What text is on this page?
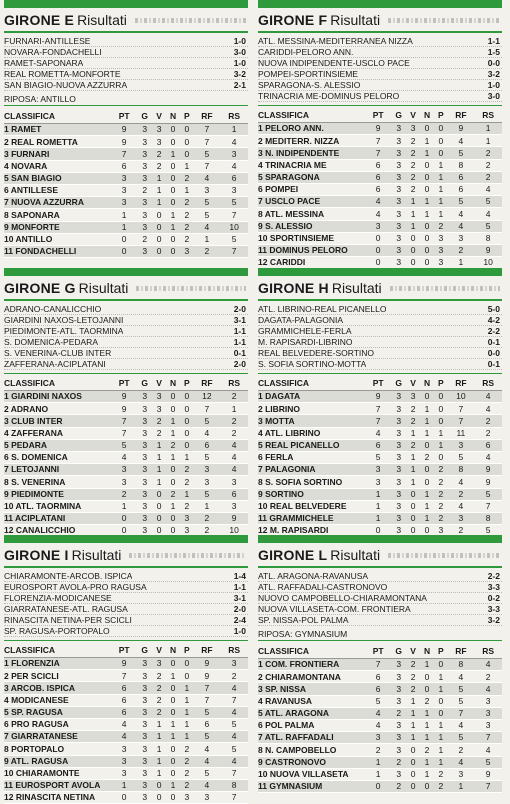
GIRONE E Risultati
FURNARI-ANTILLESE	1-0
NOVARA-FONDACHELLI	3-0
RAMET-SAPONARA	1-0
REAL ROMETTA-MONFORTE	3-2
SAN BIAGIO-NUOVA AZZURRA	2-1
RIPOSA: ANTILLO
CLASSIFICA	PT	G	V	N	P	RF	RS
1 RAMET	9	3	3	0	0	7	1
2 REAL ROMETTA	9	3	3	0	0	7	4
3 FURNARI	7	3	2	1	0	5	3
4 NOVARA	6	3	2	0	1	7	4
5 SAN BIAGIO	3	3	1	0	2	4	6
6 ANTILLESE	3	2	1	0	1	3	3
7 NUOVA AZZURRA	3	3	1	0	2	5	5
8 SAPONARA	1	3	0	1	2	5	7
9 MONFORTE	1	3	0	1	2	4	10
10 ANTILLO	0	2	0	0	2	1	5
11 FONDACHELLI	0	3	0	0	3	2	7
GIRONE F Risultati
ATL. MESSINA-MEDITERRANEA NIZZA	1-1
CARIDDI-PELORO ANN.	1-5
NUOVA INDIPENDENTE-USCLO PACE	0-0
POMPEI-SPORTINSIEME	3-2
SPARAGONA-S. ALESSIO	1-0
TRINACRIA ME-DOMINUS PELORO	3-0
CLASSIFICA	PT	G	V	N	P	RF	RS
1 PELORO ANN.	9	3	3	0	0	9	1
2 MEDITERR. NIZZA	7	3	2	1	0	4	1
3 N. INDIPENDENTE	7	3	2	1	0	5	2
4 TRINACRIA ME	6	3	2	0	1	8	2
5 SPARAGONA	6	3	2	0	1	6	2
6 POMPEI	6	3	2	0	1	6	4
7 USCLO PACE	4	3	1	1	1	5	5
8 ATL. MESSINA	4	3	1	1	1	4	4
9 S. ALESSIO	3	3	1	0	2	4	5
10 SPORTINSIEME	0	3	0	0	3	3	8
11 DOMINUS PELORO	0	3	0	0	3	2	9
12 CARIDDI	0	3	0	0	3	1	10
GIRONE G Risultati
ADRANO-CANALICCHIO	2-0
GIARDINI NAXOS-LETOJANNI	3-1
PIEDIMONTE-ATL. TAORMINA	1-1
S. DOMENICA-PEDARA	1-1
S. VENERINA-CLUB INTER	0-1
ZAFFERANA-ACIPLATANI	2-0
CLASSIFICA	PT	G	V	N	P	RF	RS
1 GIARDINI NAXOS	9	3	3	0	0	12	2
2 ADRANO	9	3	3	0	0	7	1
3 CLUB INTER	7	3	2	1	0	5	2
4 ZAFFERANA	7	3	2	1	0	4	2
5 PEDARA	5	3	1	2	0	6	4
6 S. DOMENICA	4	3	1	1	1	5	4
7 LETOJANNI	3	3	1	0	2	3	4
8 S. VENERINA	3	3	1	0	2	3	3
9 PIEDIMONTE	2	3	0	2	1	5	6
10 ATL. TAORMINA	1	3	0	1	2	1	3
11 ACIPLATANI	0	3	0	0	3	2	9
12 CANALICCHIO	0	3	0	0	3	2	10
GIRONE H Risultati
ATL. LIBRINO-REAL PICANELLO	5-0
DAGATA-PALAGONIA	4-2
GRAMMICHELE-FERLA	2-2
M. RAPISARDI-LIBRINO	0-1
REAL BELVEDERE-SORTINO	0-0
S. SOFIA SORTINO-MOTTA	0-1
CLASSIFICA	PT	G	V	N	P	RF	RS
1 DAGATA	9	3	3	0	0	10	4
2 LIBRINO	7	3	2	1	0	7	4
3 MOTTA	7	3	2	1	0	7	2
4 ATL. LIBRINO	4	3	1	1	1	11	2
5 REAL PICANELLO	6	3	2	0	1	3	6
6 FERLA	5	3	1	2	0	5	4
7 PALAGONIA	3	3	1	0	2	8	9
8 S. SOFIA SORTINO	3	3	1	0	2	4	9
9 SORTINO	1	3	0	1	2	2	5
10 REAL BELVEDERE	1	3	0	1	2	4	7
11 GRAMMICHELE	1	3	0	1	2	3	8
12 M. RAPISARDI	0	3	0	0	3	2	5
GIRONE I Risultati
CHIARAMONTE-ARCOB. ISPICA	1-4
EUROSPORT AVOLA-PRO RAGUSA	1-1
FLORENZIA-MODICANESE	3-1
GIARRATANESE-ATL. RAGUSA	2-0
RINASCITA NETINA-PER SCICLI	2-4
SP. RAGUSA-PORTOPALO	1-0
CLASSIFICA	PT	G	V	N	P	RF	RS
1 FLORENZIA	9	3	3	0	0	9	3
2 PER SCICLI	7	3	2	1	0	9	2
3 ARCOB. ISPICA	6	3	2	0	1	7	4
4 MODICANESE	6	3	2	0	1	7	7
5 SP. RAGUSA	6	3	2	0	1	5	4
6 PRO RAGUSA	4	3	1	1	1	6	5
7 GIARRATANESE	4	3	1	1	1	5	4
8 PORTOPALO	3	3	1	0	2	4	5
9 ATL. RAGUSA	3	3	1	0	2	4	4
10 CHIARAMONTE	3	3	1	0	2	5	7
11 EUROSPORT AVOLA	1	3	0	1	2	4	8
12 RINASCITA NETINA	0	3	0	0	3	3	7
GIRONE L Risultati
ATL. ARAGONA-RAVANUSA	2-2
ATL. RAFFADALI-CASTRONOVO	3-3
NUOVO CAMPOBELLO-CHIARAMONTANA	0-2
NUOVA VILLASETA-COM. FRONTIERA	3-3
SP. NISSA-POL PALMA	3-2
RIPOSA: GYMNASIUM
CLASSIFICA	PT	G	V	N	P	RF	RS
1 COM. FRONTIERA	7	3	2	1	0	8	4
2 CHIARAMONTANA	6	3	2	0	1	4	2
3 SP. NISSA	6	3	2	0	1	5	4
4 RAVANUSA	5	3	1	2	0	5	3
5 ATL. ARAGONA	4	2	1	1	0	7	3
6 POL PALMA	4	3	1	1	1	4	3
7 ATL. RAFFADALI	3	3	1	1	1	5	7
8 N. CAMPOBELLO	2	3	0	2	1	2	4
9 CASTRONOVO	1	2	0	1	1	4	5
10 NUOVA VILLASETA	1	3	0	1	2	3	9
11 GYMNASIUM	0	2	0	0	2	1	7
